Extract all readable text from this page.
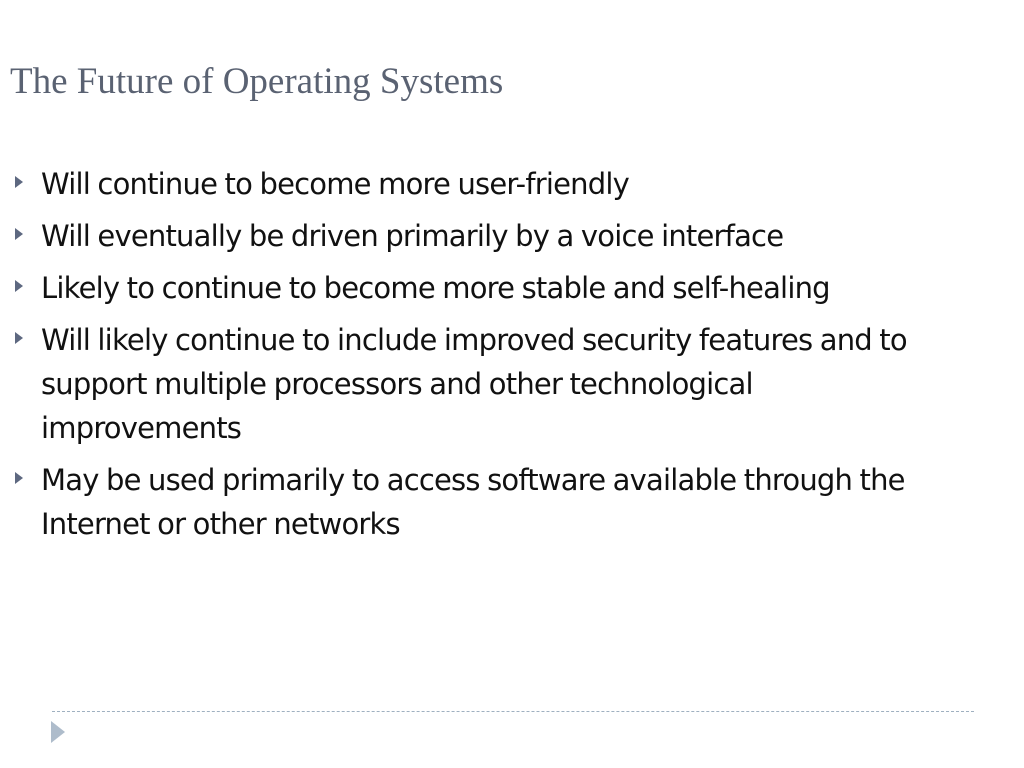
The Future of Operating Systems
Will continue to become more user-friendly
Will eventually be driven primarily by a voice interface
Likely to continue to become more stable and self-healing
Will likely continue to include improved security features and to support multiple processors and other technological improvements
May be used primarily to access software available through the Internet or other networks
